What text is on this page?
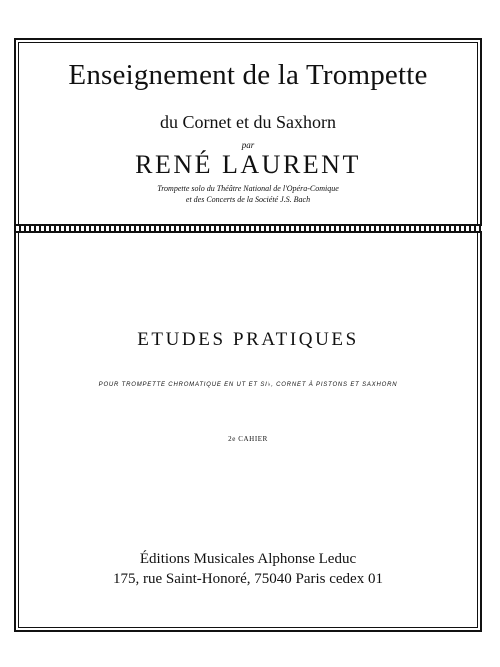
Enseignement de la Trompette
du Cornet et du Saxhorn
par
RENÉ LAURENT
Trompette solo du Théâtre National de l'Opéra-Comique
et des Concerts de la Société J.S. Bach
ETUDES PRATIQUES
POUR TROMPETTE CHROMATIQUE EN UT ET SI♭, CORNET À PISTONS ET SAXHORN
2e CAHIER
Éditions Musicales Alphonse Leduc
175, rue Saint-Honoré, 75040 Paris cedex 01
